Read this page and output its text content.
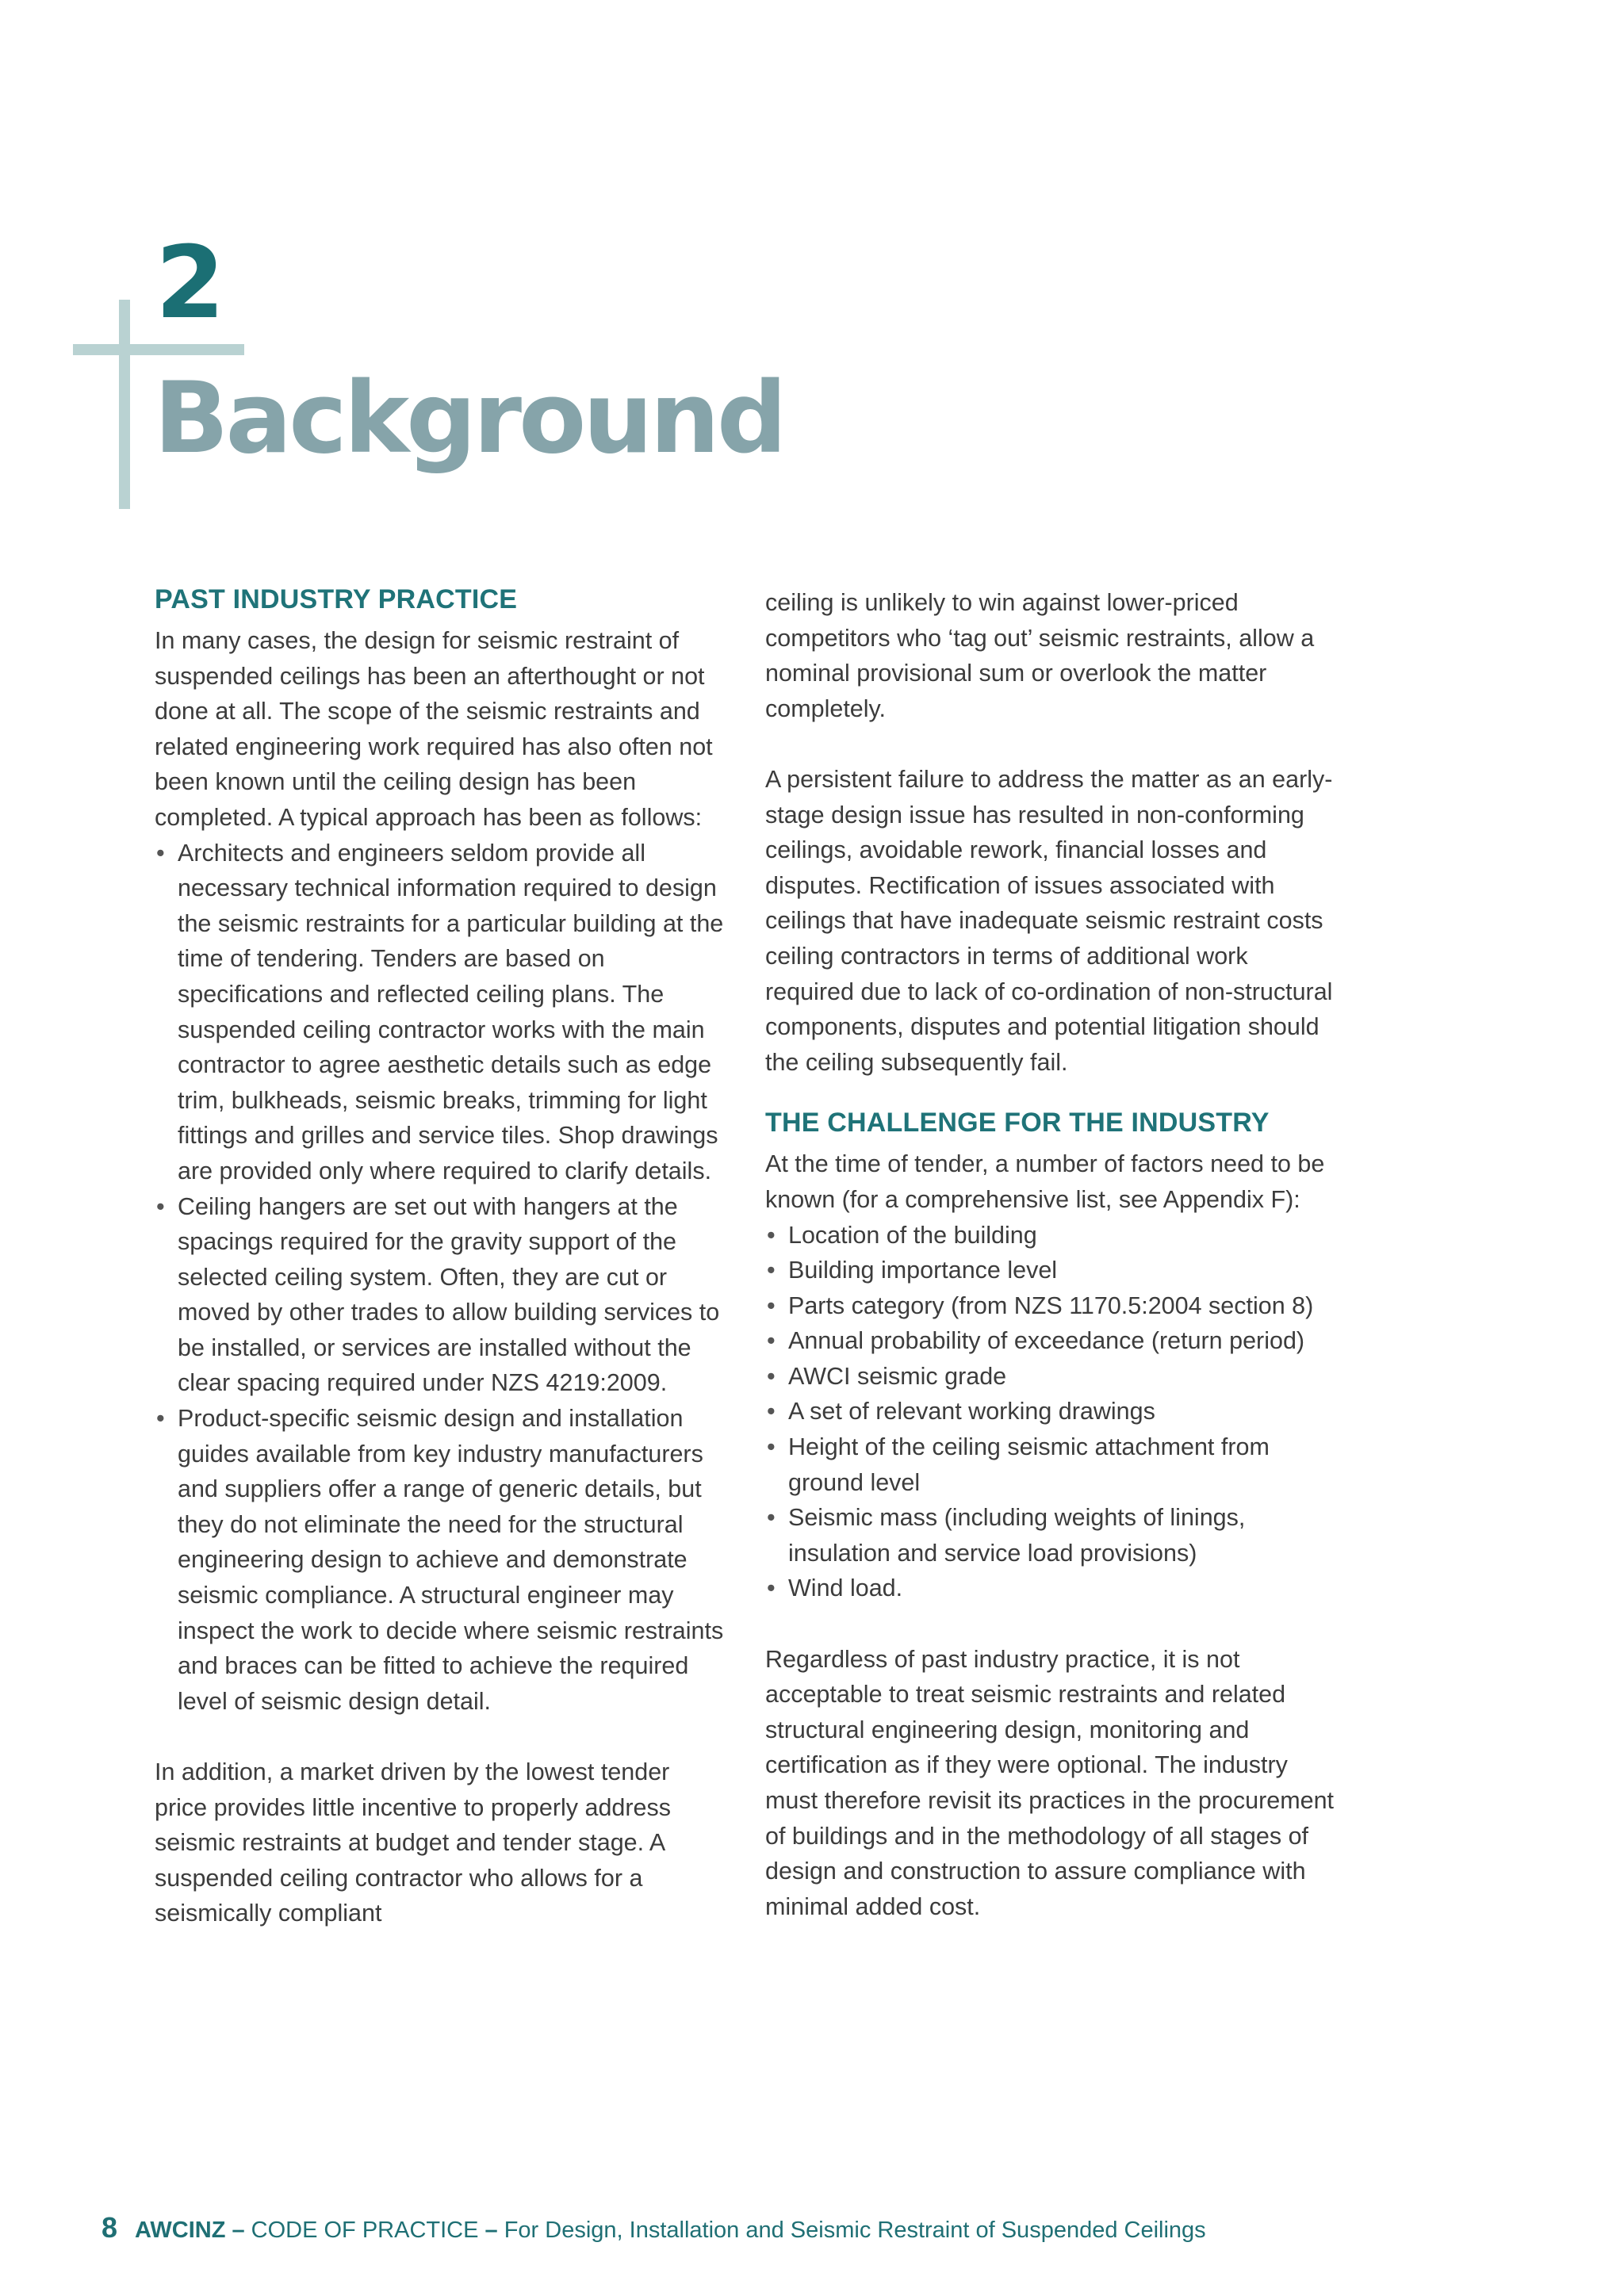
2
Background
PAST INDUSTRY PRACTICE

In many cases, the design for seismic restraint of suspended ceilings has been an afterthought or not done at all. The scope of the seismic restraints and related engineering work required has also often not been known until the ceiling design has been completed. A typical approach has been as follows:

• Architects and engineers seldom provide all necessary technical information required to design the seismic restraints for a particular building at the time of tendering. Tenders are based on specifications and reflected ceiling plans. The suspended ceiling contractor works with the main contractor to agree aesthetic details such as edge trim, bulkheads, seismic breaks, trimming for light fittings and grilles and service tiles. Shop drawings are provided only where required to clarify details.
• Ceiling hangers are set out with hangers at the spacings required for the gravity support of the selected ceiling system. Often, they are cut or moved by other trades to allow building services to be installed, or services are installed without the clear spacing required under NZS 4219:2009.
• Product-specific seismic design and installation guides available from key industry manufacturers and suppliers offer a range of generic details, but they do not eliminate the need for the structural engineering design to achieve and demonstrate seismic compliance. A structural engineer may inspect the work to decide where seismic restraints and braces can be fitted to achieve the required level of seismic design detail.

In addition, a market driven by the lowest tender price provides little incentive to properly address seismic restraints at budget and tender stage. A suspended ceiling contractor who allows for a seismically compliant

ceiling is unlikely to win against lower-priced competitors who ‘tag out’ seismic restraints, allow a nominal provisional sum or overlook the matter completely.

A persistent failure to address the matter as an early-stage design issue has resulted in non-conforming ceilings, avoidable rework, financial losses and disputes. Rectification of issues associated with ceilings that have inadequate seismic restraint costs ceiling contractors in terms of additional work required due to lack of co-ordination of non-structural components, disputes and potential litigation should the ceiling subsequently fail.

THE CHALLENGE FOR THE INDUSTRY

At the time of tender, a number of factors need to be known (for a comprehensive list, see Appendix F):

• Location of the building
• Building importance level
• Parts category (from NZS 1170.5:2004 section 8)
• Annual probability of exceedance (return period)
• AWCI seismic grade
• A set of relevant working drawings
• Height of the ceiling seismic attachment from ground level
• Seismic mass (including weights of linings, insulation and service load provisions)
• Wind load.

Regardless of past industry practice, it is not acceptable to treat seismic restraints and related structural engineering design, monitoring and certification as if they were optional. The industry must therefore revisit its practices in the procurement of buildings and in the methodology of all stages of design and construction to assure compliance with minimal added cost.

8 AWCINZ – CODE OF PRACTICE – For Design, Installation and Seismic Restraint of Suspended Ceilings
